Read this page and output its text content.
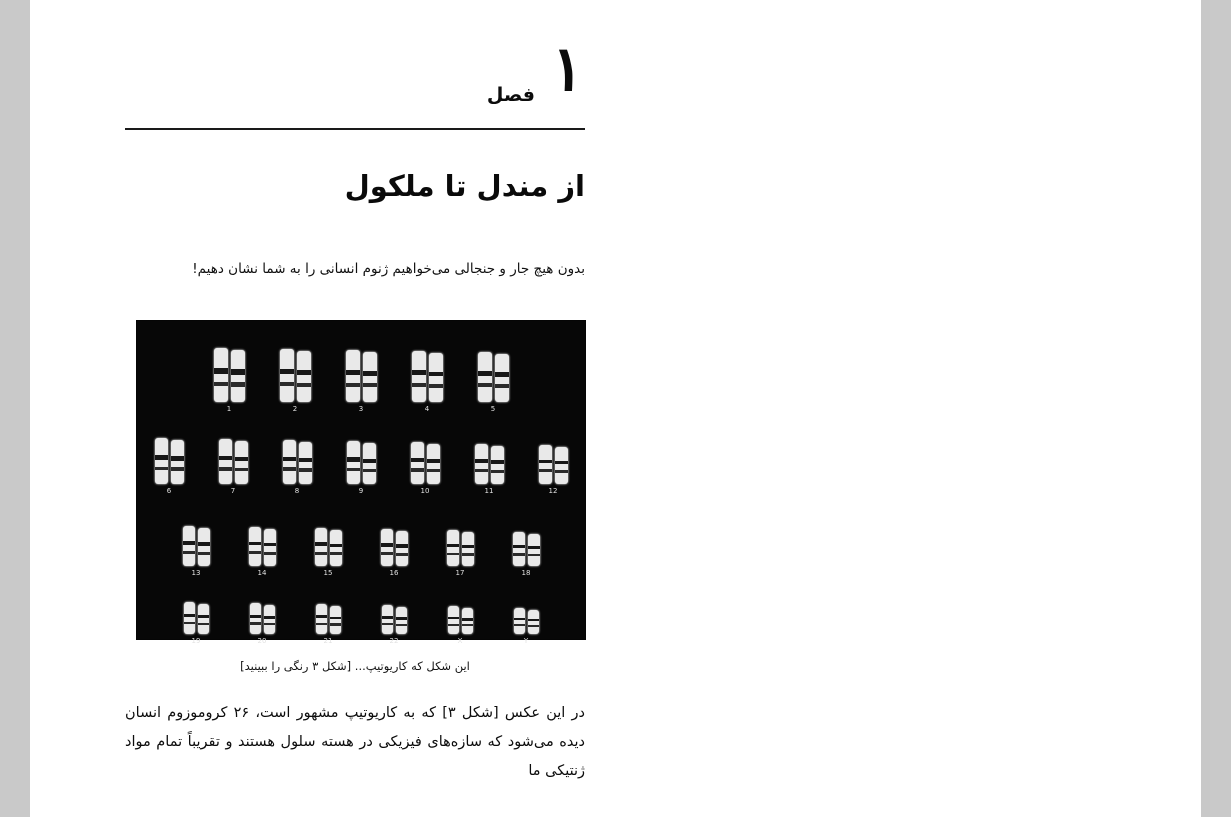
۱
فصل
از مندل تا ملکول

بدون هیچ جار و جنجالی می‌خواهیم ژنوم انسانی را به شما نشان دهیم!

1	2	3	4	5
6	7	8	9	10	11	12
13	14	15	16	17	18
19	20	21	22	X	Y
این شکل که کاریوتیپ... [شکل ۳ رنگی را ببینید]

در این عکس [شکل ۳] که به کاریوتیپ مشهور است، ۲۶ کروموزوم انسان دیده می‌شود که سازه‌های فیزیکی در هسته سلول هستند و تقریباً تمام مواد ژنتیکی ما
